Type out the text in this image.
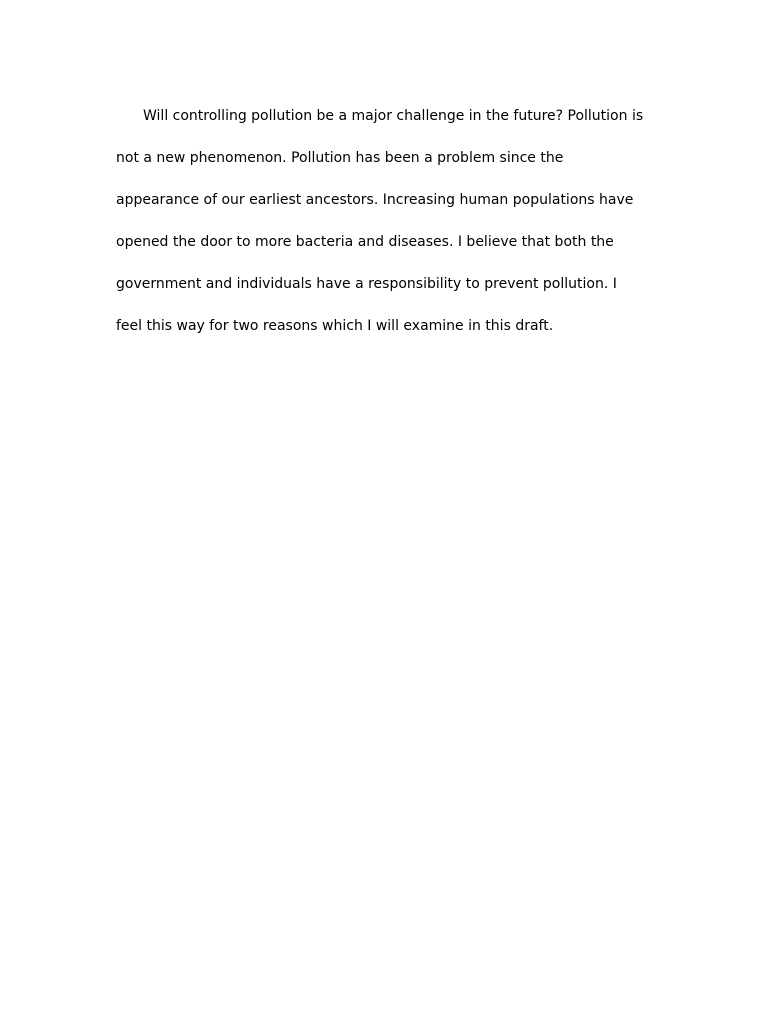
Will controlling pollution be a major challenge in the future? Pollution is
not a new phenomenon. Pollution has been a problem since the
appearance of our earliest ancestors. Increasing human populations have
opened the door to more bacteria and diseases. I believe that both the
government and individuals have a responsibility to prevent pollution. I
feel this way for two reasons which I will examine in this draft.
